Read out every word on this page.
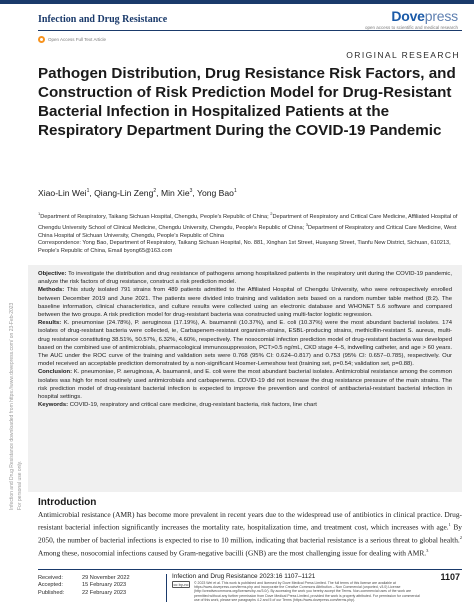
Infection and Drug Resistance	Dovepress
open access to scientific and medical research
Infection and Drug Resistance downloaded from https://www.dovepress.com/ on 23-Feb-2023 For personal use only.
Open Access Full Text Article
ORIGINAL RESEARCH
Pathogen Distribution, Drug Resistance Risk Factors, and Construction of Risk Prediction Model for Drug-Resistant Bacterial Infection in Hospitalized Patients at the Respiratory Department During the COVID-19 Pandemic
Xiao-Lin Wei$^1$, Qiang-Lin Zeng$^2$, Min Xie$^3$, Yong Bao$^1$
$^1$Department of Respiratory, Taikang Sichuan Hospital, Chengdu, People's Republic of China; $^2$Department of Respiratory and Critical Care Medicine, Affiliated Hospital of Chengdu University School of Clinical Medicine, Chengdu University, Chengdu, People's Republic of China; $^3$Department of Respiratory and Critical Care Medicine, West China Hospital of Sichuan University, Chengdu, People's Republic of China
Correspondence: Yong Bao, Department of Respiratory, Taikang Sichuan Hospital, No. 881, Xinghan 1st Street, Huayang Street, Tianfu New District, Sichuan, 610213, People's Republic of China, Email byong65@163.com

Objective: To investigate the distribution and drug resistance of pathogens among hospitalized patients in the respiratory unit during the COVID-19 pandemic, analyze the risk factors of drug resistance, construct a risk prediction model.

Methods: This study isolated 791 strains from 489 patients admitted to the Affiliated Hospital of Chengdu University, who were retrospectively enrolled between December 2019 and June 2021. The patients were divided into training and validation sets based on a random number table method (8:2). The baseline information, clinical characteristics, and culture results were collected using an electronic database and WHONET 5.6 software and compared between the two groups. A risk prediction model for drug-resistant bacteria was constructed using multi-factor logistic regression.

Results: K. pneumoniae (24.78%), P. aeruginosa (17.19%), A. baumannii (10.37%), and E. coli (10.37%) were the most abundant bacterial isolates. 174 isolates of drug-resistant bacteria were collected, ie, Carbapenem-resistant organism-strains, ESBL-producing strains, methicillin-resistant S. aureus, multi-drug resistance constituting 38.51%, 50.57%, 6.32%, 4.60%, respectively. The nosocomial infection prediction model of drug-resistant bacteria was developed based on the combined use of antimicrobials, pharmacological immunosuppression, PCT>0.5 ng/mL, CKD stage 4–5, indwelling catheter, and age > 60 years. The AUC under the ROC curve of the training and validation sets were 0.768 (95% CI: 0.624–0.817) and 0.753 (95% CI: 0.657–0.785), respectively. Our model received an acceptable prediction demonstrated by a non-significant Hosmer-Lemeshow test (training set, p=0.54; validation set, p=0.88).

Conclusion: K. pneumoniae, P. aeruginosa, A. baumannii, and E. coli were the most abundant bacterial isolates. Antimicrobial resistance among the common isolates was high for most routinely used antimicrobials and carbapenems. COVID-19 did not increase the drug resistance pressure of the main strains. The risk prediction model of drug-resistant bacterial infection is expected to improve the prevention and control of antibacterial-resistant bacterial infection in hospital settings.

Keywords: COVID-19, respiratory and critical care medicine, drug-resistant bacteria, risk factors, line chart

Introduction
Antimicrobial resistance (AMR) has become more prevalent in recent years due to the widespread use of antibiotics in clinical practice. Drug-resistant bacterial infection significantly increases the mortality rate, hospitalization time, and treatment cost, which increases with age.$^1$ By 2050, the number of bacterial infections is expected to rise to 10 million, indicating that bacterial resistance is a serious threat to global health.$^2$ Among these, nosocomial infections caused by Gram-negative bacilli (GNB) are the most challenging issue for dealing with AMR.$^3$
Received:	29 November 2022
Accepted:	15 February 2023
Published:	22 February 2023
Infection and Drug Resistance 2023:16 1107–1121
cc by-nc	© 2023 Wei et al. This work is published and licensed by Dove Medical Press Limited. The full terms of this license are available at https://www.dovepress.com/terms.php and incorporate the Creative Commons Attribution – Non Commercial (unported, v3.0) License (http://creativecommons.org/licenses/by-nc/3.0/). By accessing the work you hereby accept the Terms. Non-commercial uses of the work are permitted without any further permission from Dove Medical Press Limited, provided the work is properly attributed. For permission for commercial use of this work, please see paragraphs 4.2 and 5 of our Terms (https://www.dovepress.com/terms.php).
1107
